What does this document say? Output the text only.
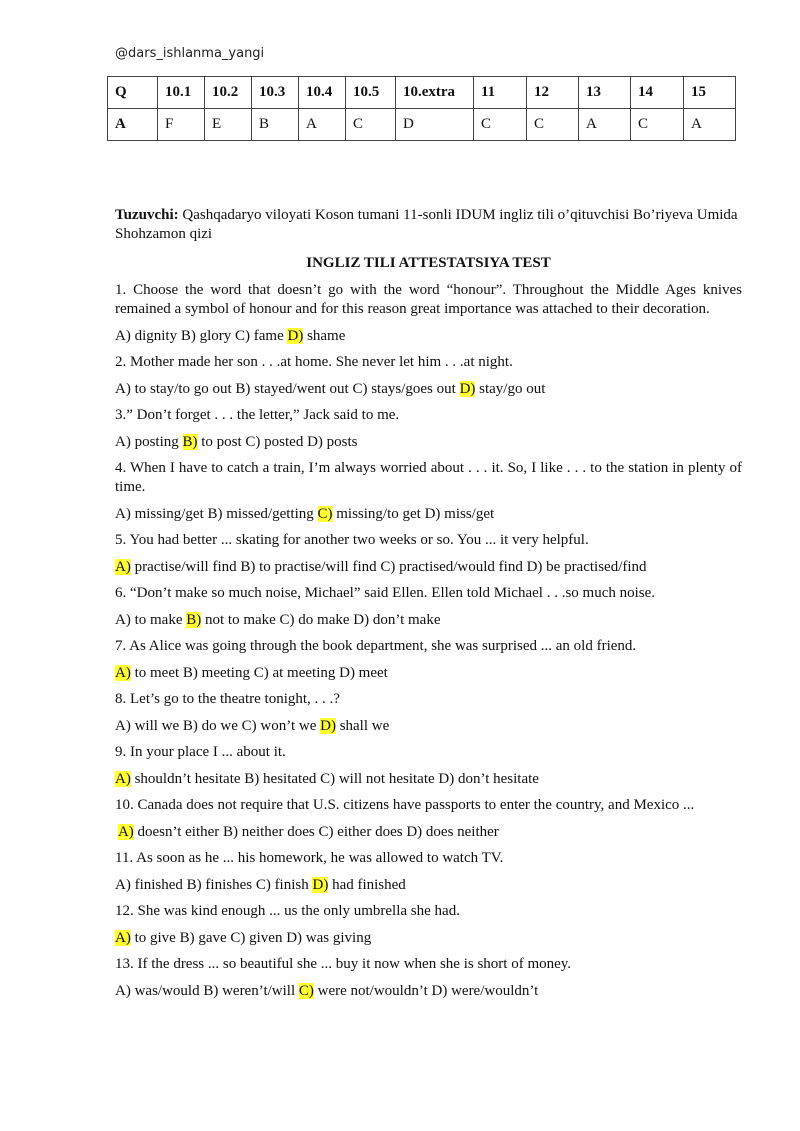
@dars_ishlanma_yangi
Q	10.1	10.2	10.3	10.4	10.5	10.extra	11	12	13	14	15
A	F	E	B	A	C	D	C	C	A	C	A

Tuzuvchi: Qashqadaryo viloyati Koson tumani 11-sonli IDUM ingliz tili o’qituvchisi Bo’riyeva Umida Shohzamon qizi

INGLIZ TILI ATTESTATSIYA TEST

1. Choose the word that doesn’t go with the word “honour”. Throughout the Middle Ages knives remained a symbol of honour and for this reason great importance was attached to their decoration.

A) dignity B) glory C) fame D) shame

2. Mother made her son . . .at home. She never let him . . .at night.

A) to stay/to go out B) stayed/went out C) stays/goes out D) stay/go out

3.” Don’t forget . . . the letter,” Jack said to me.

A) posting B) to post C) posted D) posts

4. When I have to catch a train, I’m always worried about . . . it. So, I like . . . to the station in plenty of time.

A) missing/get B) missed/getting C) missing/to get D) miss/get

5. You had better ... skating for another two weeks or so. You ... it very helpful.

A) practise/will find B) to practise/will find C) practised/would find D) be practised/find

6. “Don’t make so much noise, Michael” said Ellen. Ellen told Michael . . .so much noise.

A) to make B) not to make C) do make D) don’t make

7. As Alice was going through the book department, she was surprised ... an old friend.

A) to meet B) meeting C) at meeting D) meet

8. Let’s go to the theatre tonight, . . .?

A) will we B) do we C) won’t we D) shall we

9. In your place I ... about it.

A) shouldn’t hesitate B) hesitated C) will not hesitate D) don’t hesitate

10. Canada does not require that U.S. citizens have passports to enter the country, and Mexico ...

A) doesn’t either B) neither does C) either does D) does neither

11. As soon as he ... his homework, he was allowed to watch TV.

A) finished B) finishes C) finish D) had finished

12. She was kind enough ... us the only umbrella she had.

A) to give B) gave C) given D) was giving

13. If the dress ... so beautiful she ... buy it now when she is short of money.

A) was/would B) weren’t/will C) were not/wouldn’t D) were/wouldn’t
